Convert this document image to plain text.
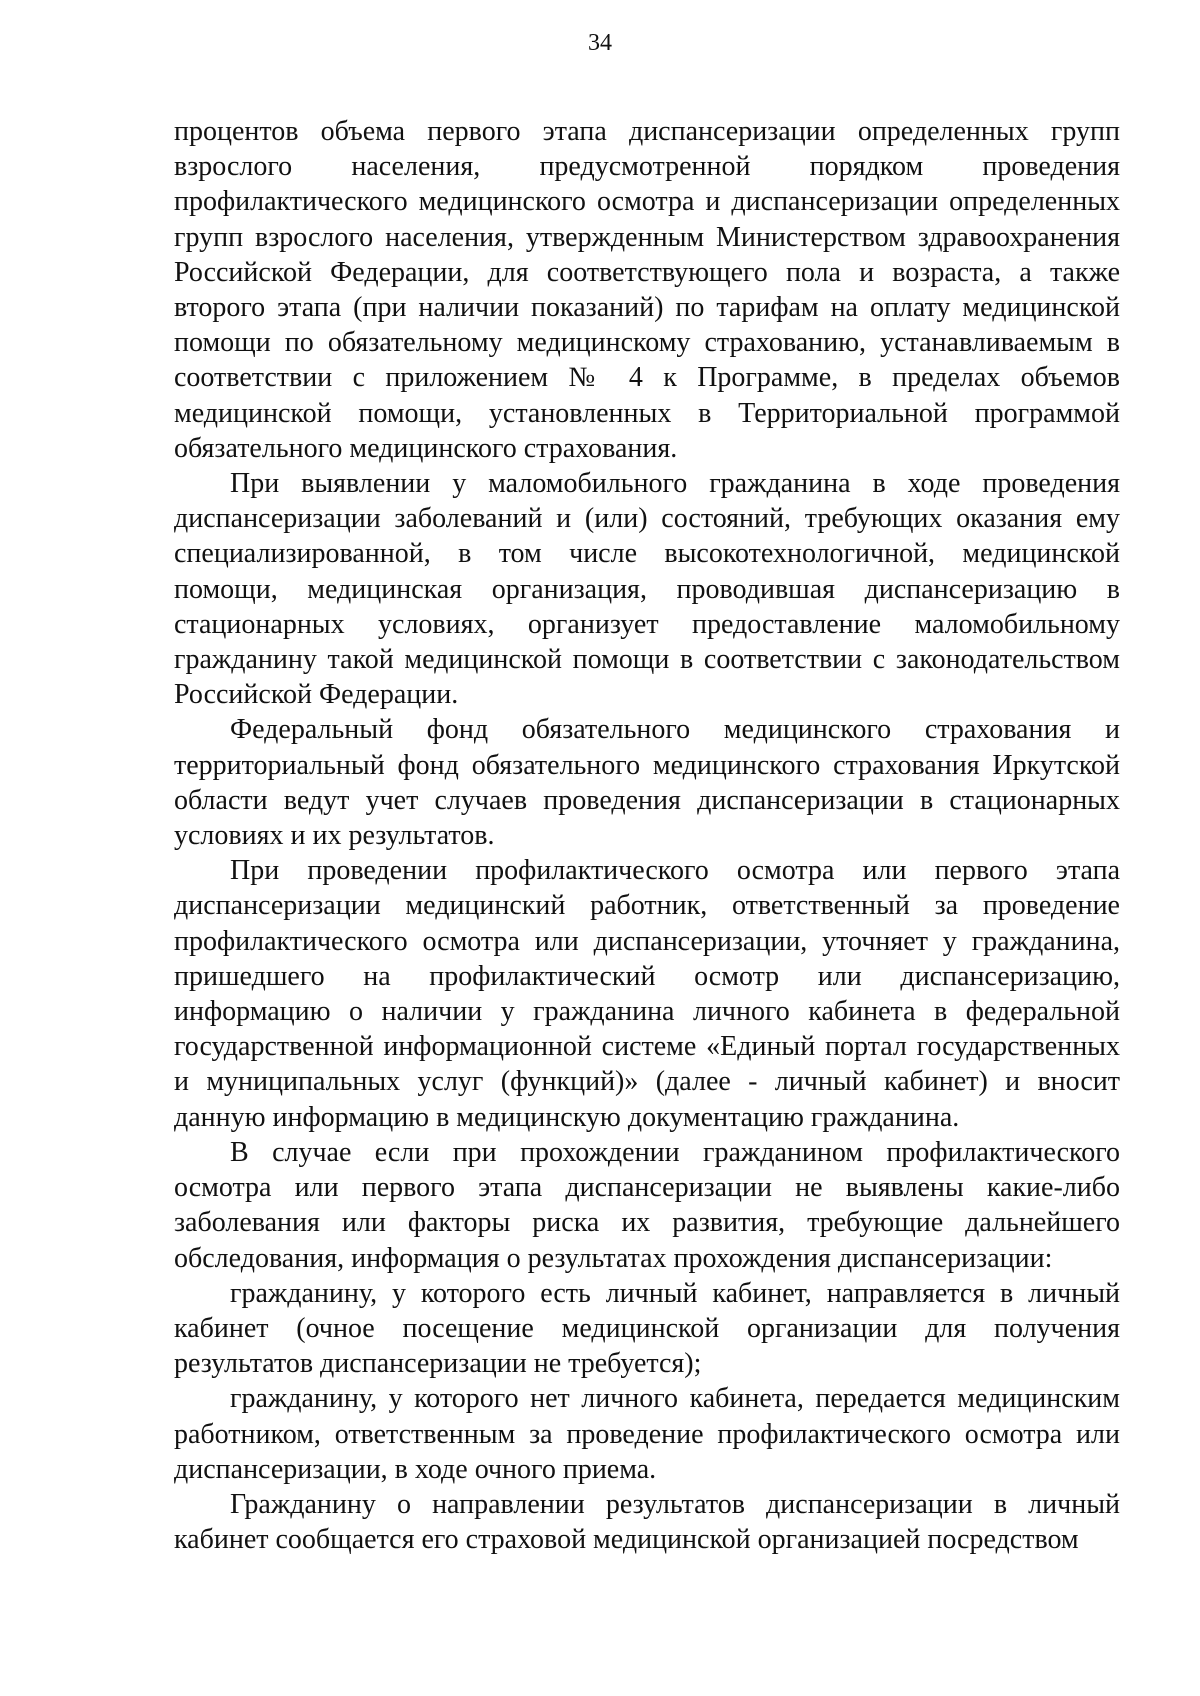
34

процентов объема первого этапа диспансеризации определенных групп взрослого населения, предусмотренной порядком проведения профилактического медицинского осмотра и диспансеризации определенных групп взрослого населения, утвержденным Министерством здравоохранения Российской Федерации, для соответствующего пола и возраста, а также второго этапа (при наличии показаний) по тарифам на оплату медицинской помощи по обязательному медицинскому страхованию, устанавливаемым в соответствии с приложением № 4 к Программе, в пределах объемов медицинской помощи, установленных в Территориальной программой обязательного медицинского страхования.

При выявлении у маломобильного гражданина в ходе проведения диспансеризации заболеваний и (или) состояний, требующих оказания ему специализированной, в том числе высокотехнологичной, медицинской помощи, медицинская организация, проводившая диспансеризацию в стационарных условиях, организует предоставление маломобильному гражданину такой медицинской помощи в соответствии с законодательством Российской Федерации.

Федеральный фонд обязательного медицинского страхования и территориальный фонд обязательного медицинского страхования Иркутской области ведут учет случаев проведения диспансеризации в стационарных условиях и их результатов.

При проведении профилактического осмотра или первого этапа диспансеризации медицинский работник, ответственный за проведение профилактического осмотра или диспансеризации, уточняет у гражданина, пришедшего на профилактический осмотр или диспансеризацию, информацию о наличии у гражданина личного кабинета в федеральной государственной информационной системе «Единый портал государственных и муниципальных услуг (функций)» (далее - личный кабинет) и вносит данную информацию в медицинскую документацию гражданина.

В случае если при прохождении гражданином профилактического осмотра или первого этапа диспансеризации не выявлены какие-либо заболевания или факторы риска их развития, требующие дальнейшего обследования, информация о результатах прохождения диспансеризации:

гражданину, у которого есть личный кабинет, направляется в личный кабинет (очное посещение медицинской организации для получения результатов диспансеризации не требуется);

гражданину, у которого нет личного кабинета, передается медицинским работником, ответственным за проведение профилактического осмотра или диспансеризации, в ходе очного приема.

Гражданину о направлении результатов диспансеризации в личный кабинет сообщается его страховой медицинской организацией посредством
